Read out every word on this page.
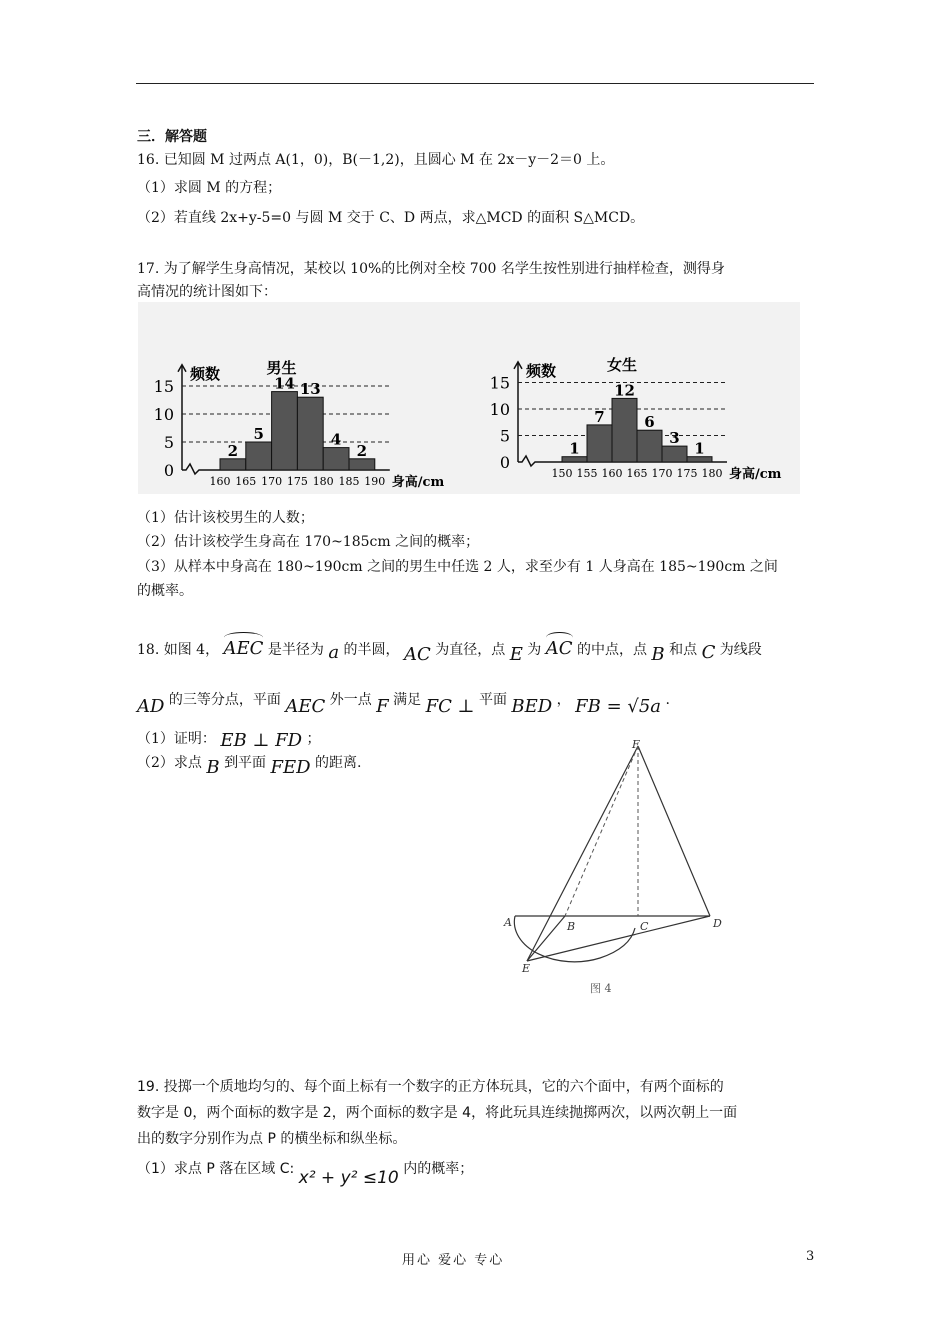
三．解答题
16. 已知圆 M 过两点 A(1，0)，B(－1,2)，且圆心 M 在 2x－y－2＝0 上。
（1）求圆 M 的方程；
（2）若直线 2x+y-5=0 与圆 M 交于 C、D 两点，求△MCD 的面积 S△MCD。
17. 为了解学生身高情况，某校以 10%的比例对全校 700 名学生按性别进行抽样检查，测得身
高情况的统计图如下：
频数	男生
0
5
10
15
2
5
14 13
4
2
160 165 170 175 180 185 190 身高/cm
频数	女生
0
5
10
15
1
7
12
6
3
1
150 155 160 165 170 175 180 身高/cm
（1）估计该校男生的人数；
（2）估计该校学生身高在 170~185cm 之间的概率；
（3）从样本中身高在 180~190cm 之间的男生中任选 2 人，求至少有 1 人身高在 185~190cm 之间
的概率。
18. 如图 4， AEC 是半径为 a 的半圆， AC 为直径，点 E 为 AC 的中点，点 B 和点 C 为线段
AD 的三等分点，平面 AEC 外一点 F 满足 FC ⊥ 平面 BED ， FB = √5a .
（1）证明： EB ⊥ FD ；
（2）求点 B 到平面 FED 的距离.
F
A	B	C	D
E
图 4
19. 投掷一个质地均匀的、每个面上标有一个数字的正方体玩具，它的六个面中，有两个面标的
数字是 0，两个面标的数字是 2，两个面标的数字是 4，将此玩具连续抛掷两次，以两次朝上一面
出的数字分别作为点 P 的横坐标和纵坐标。
（1）求点 P 落在区域 C: x² + y² ≤10 内的概率；
用心 爱心 专心	3
